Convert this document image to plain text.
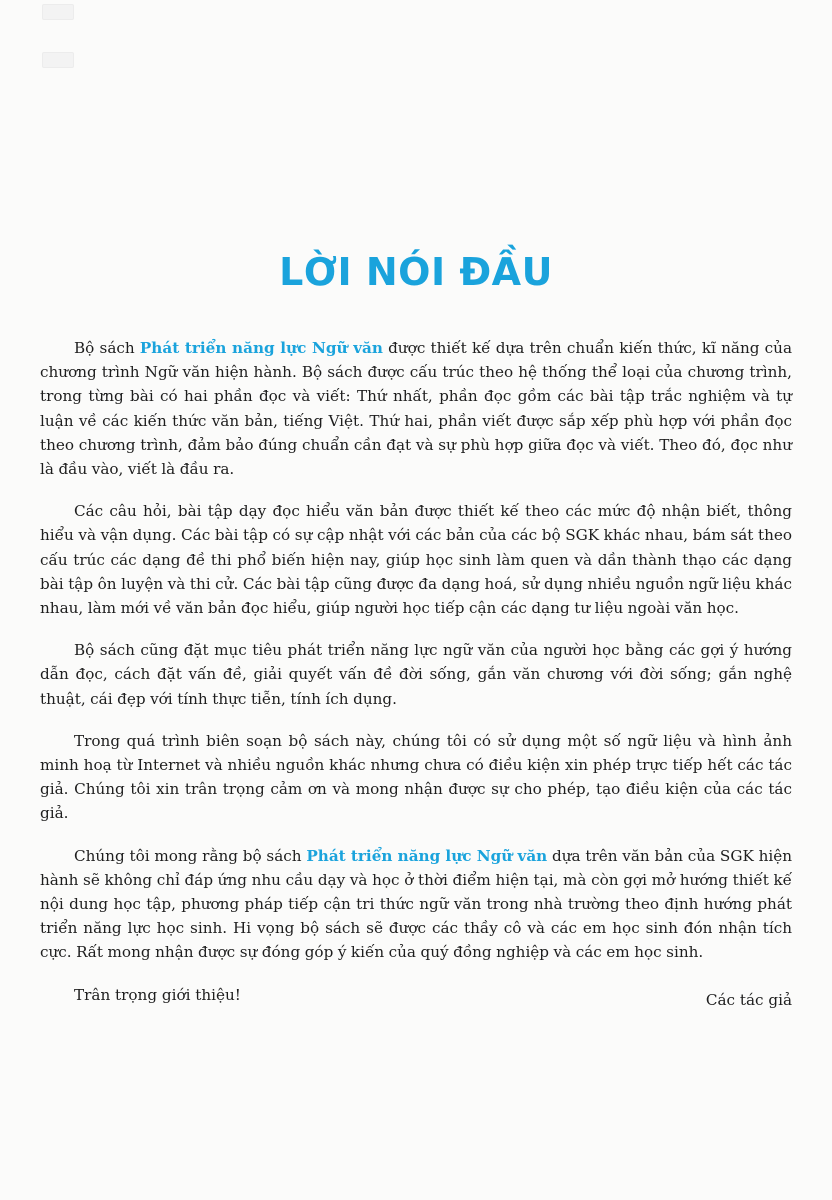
LỜI NÓI ĐẦU

Bộ sách Phát triển năng lực Ngữ văn được thiết kế dựa trên chuẩn kiến thức, kĩ năng của chương trình Ngữ văn hiện hành. Bộ sách được cấu trúc theo hệ thống thể loại của chương trình, trong từng bài có hai phần đọc và viết: Thứ nhất, phần đọc gồm các bài tập trắc nghiệm và tự luận về các kiến thức văn bản, tiếng Việt. Thứ hai, phần viết được sắp xếp phù hợp với phần đọc theo chương trình, đảm bảo đúng chuẩn cần đạt và sự phù hợp giữa đọc và viết. Theo đó, đọc như là đầu vào, viết là đầu ra.

Các câu hỏi, bài tập dạy đọc hiểu văn bản được thiết kế theo các mức độ nhận biết, thông hiểu và vận dụng. Các bài tập có sự cập nhật với các bản của các bộ SGK khác nhau, bám sát theo cấu trúc các dạng đề thi phổ biến hiện nay, giúp học sinh làm quen và dần thành thạo các dạng bài tập ôn luyện và thi cử. Các bài tập cũng được đa dạng hoá, sử dụng nhiều nguồn ngữ liệu khác nhau, làm mới về văn bản đọc hiểu, giúp người học tiếp cận các dạng tư liệu ngoài văn học.

Bộ sách cũng đặt mục tiêu phát triển năng lực ngữ văn của người học bằng các gợi ý hướng dẫn đọc, cách đặt vấn đề, giải quyết vấn đề đời sống, gắn văn chương với đời sống; gắn nghệ thuật, cái đẹp với tính thực tiễn, tính ích dụng.

Trong quá trình biên soạn bộ sách này, chúng tôi có sử dụng một số ngữ liệu và hình ảnh minh hoạ từ Internet và nhiều nguồn khác nhưng chưa có điều kiện xin phép trực tiếp hết các tác giả. Chúng tôi xin trân trọng cảm ơn và mong nhận được sự cho phép, tạo điều kiện của các tác giả.

Chúng tôi mong rằng bộ sách Phát triển năng lực Ngữ văn dựa trên văn bản của SGK hiện hành sẽ không chỉ đáp ứng nhu cầu dạy và học ở thời điểm hiện tại, mà còn gợi mở hướng thiết kế nội dung học tập, phương pháp tiếp cận tri thức ngữ văn trong nhà trường theo định hướng phát triển năng lực học sinh. Hi vọng bộ sách sẽ được các thầy cô và các em học sinh đón nhận tích cực. Rất mong nhận được sự đóng góp ý kiến của quý đồng nghiệp và các em học sinh.

Trân trọng giới thiệu!	Các tác giả
